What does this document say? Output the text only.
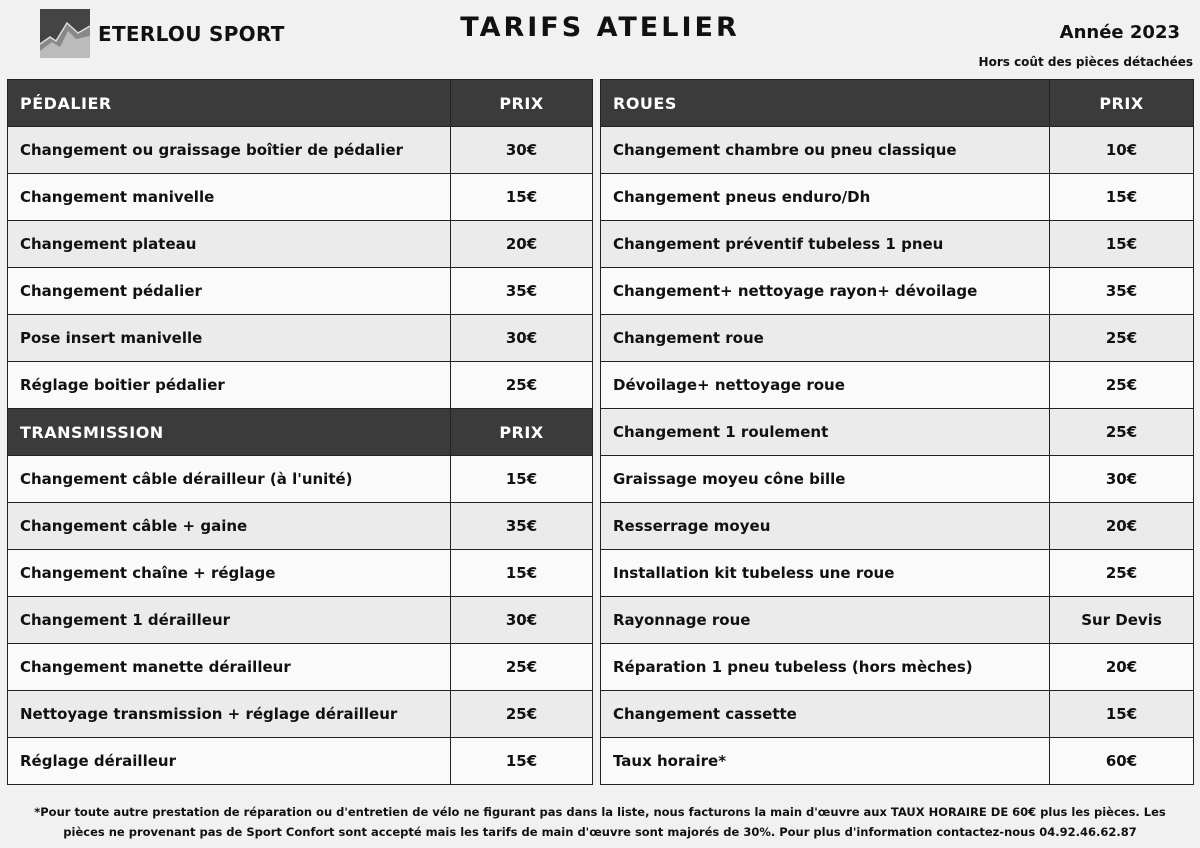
ETERLOU SPORT	TARIFS ATELIER	Année 2023
Hors coût des pièces détachées
PÉDALIER	PRIX
Changement ou graissage boîtier de pédalier	30€
Changement manivelle	15€
Changement plateau	20€
Changement pédalier	35€
Pose insert manivelle	30€
Réglage boitier pédalier	25€
TRANSMISSION	PRIX
Changement câble dérailleur (à l'unité)	15€
Changement câble + gaine	35€
Changement chaîne + réglage	15€
Changement 1 dérailleur	30€
Changement manette dérailleur	25€
Nettoyage transmission + réglage dérailleur	25€
Réglage dérailleur	15€
ROUES	PRIX
Changement chambre ou pneu classique	10€
Changement pneus enduro/Dh	15€
Changement préventif tubeless 1 pneu	15€
Changement+ nettoyage rayon+ dévoilage	35€
Changement roue	25€
Dévoilage+ nettoyage roue	25€
Changement 1 roulement	25€
Graissage moyeu cône bille	30€
Resserrage moyeu	20€
Installation kit tubeless une roue	25€
Rayonnage roue	Sur Devis
Réparation 1 pneu tubeless (hors mèches)	20€
Changement cassette	15€
Taux horaire*	60€
*Pour toute autre prestation de réparation ou d'entretien de vélo ne figurant pas dans la liste, nous facturons la main d'œuvre aux TAUX HORAIRE DE 60€ plus les pièces. Les pièces ne provenant pas de Sport Confort sont accepté mais les tarifs de main d'œuvre sont majorés de 30%. Pour plus d'information contactez-nous 04.92.46.62.87
